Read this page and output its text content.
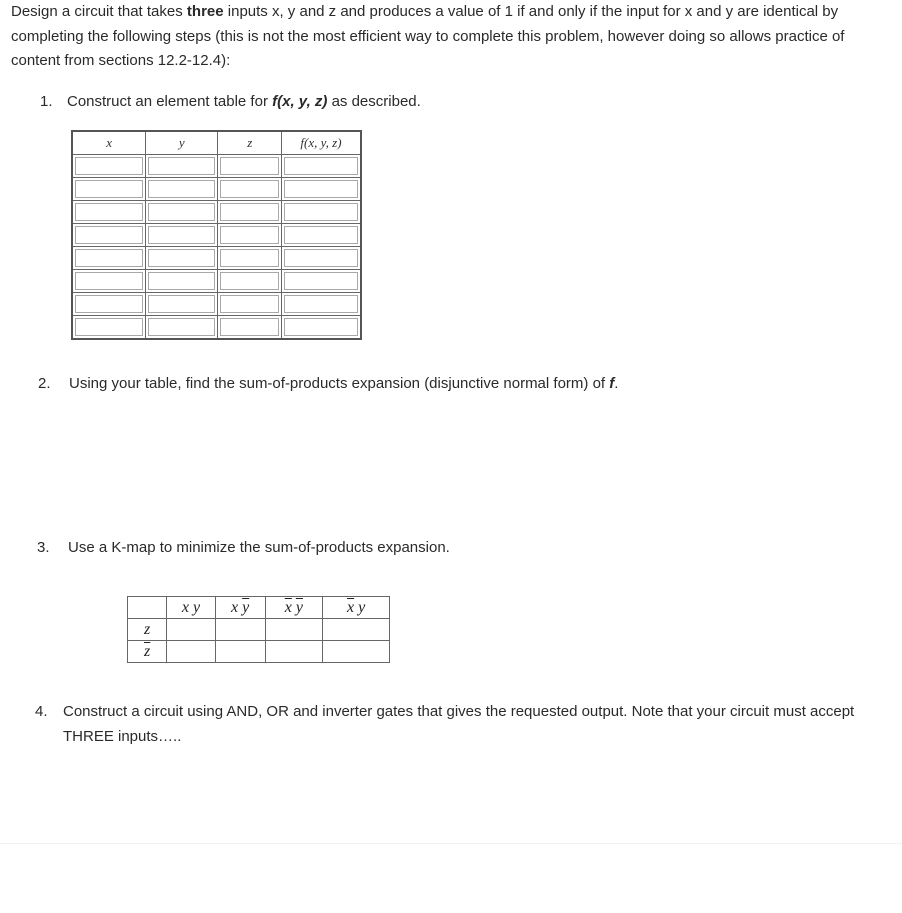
Design a circuit that takes three inputs x, y and z and produces a value of 1 if and only if the input for x and y are identical by completing the following steps (this is not the most efficient way to complete this problem, however doing so allows practice of content from sections 12.2-12.4):
1. Construct an element table for f(x, y, z) as described.
x	y	z	f(x, y, z)

2. Using your table, find the sum-of-products expansion (disjunctive normal form) of f.
3. Use a K-map to minimize the sum-of-products expansion.
	x y	x $\overline{y}$	$\overline{x}$ $\overline{y}$	$\overline{x}$ y
z				
$\overline{z}$				
4. Construct a circuit using AND, OR and inverter gates that gives the requested output. Note that your circuit must accept THREE inputs…..
